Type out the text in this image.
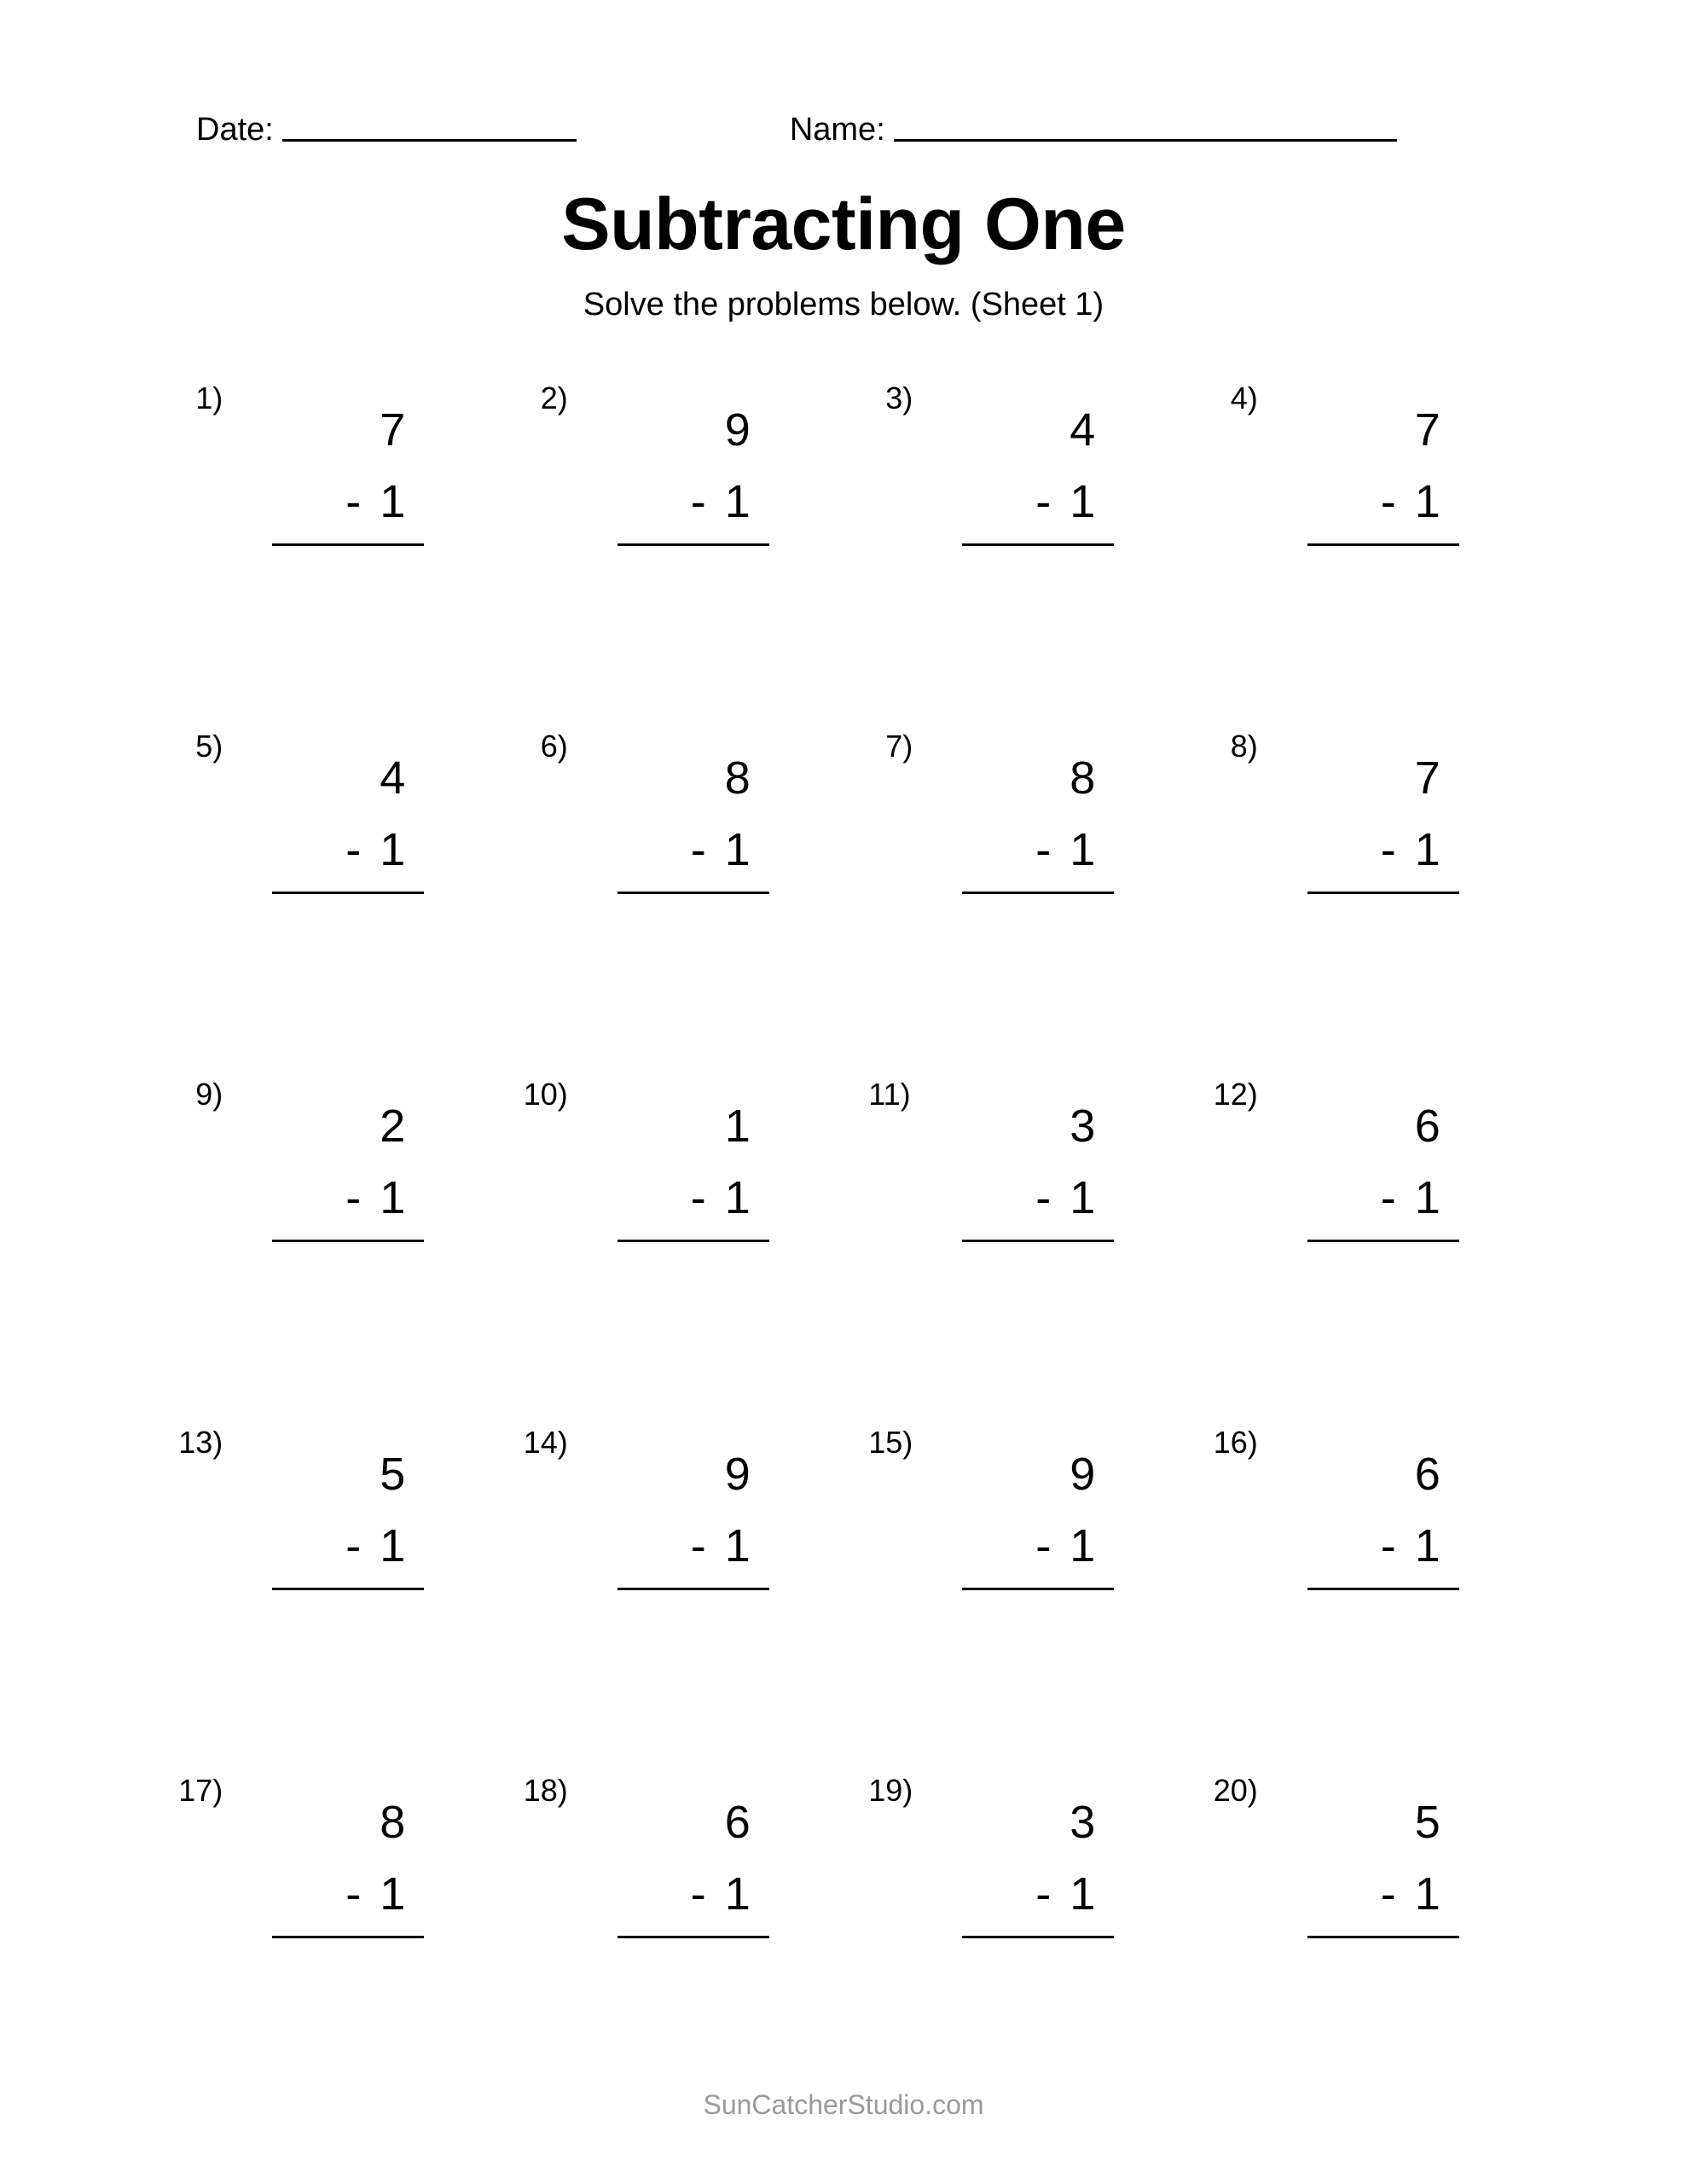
Date:	Name:
Subtracting One
Solve the problems below. (Sheet 1)
1)
7
- 1
2)
9
- 1
3)
4
- 1
4)
7
- 1
5)
4
- 1
6)
8
- 1
7)
8
- 1
8)
7
- 1
9)
2
- 1
10)
1
- 1
11)
3
- 1
12)
6
- 1
13)
5
- 1
14)
9
- 1
15)
9
- 1
16)
6
- 1
17)
8
- 1
18)
6
- 1
19)
3
- 1
20)
5
- 1
SunCatcherStudio.com
